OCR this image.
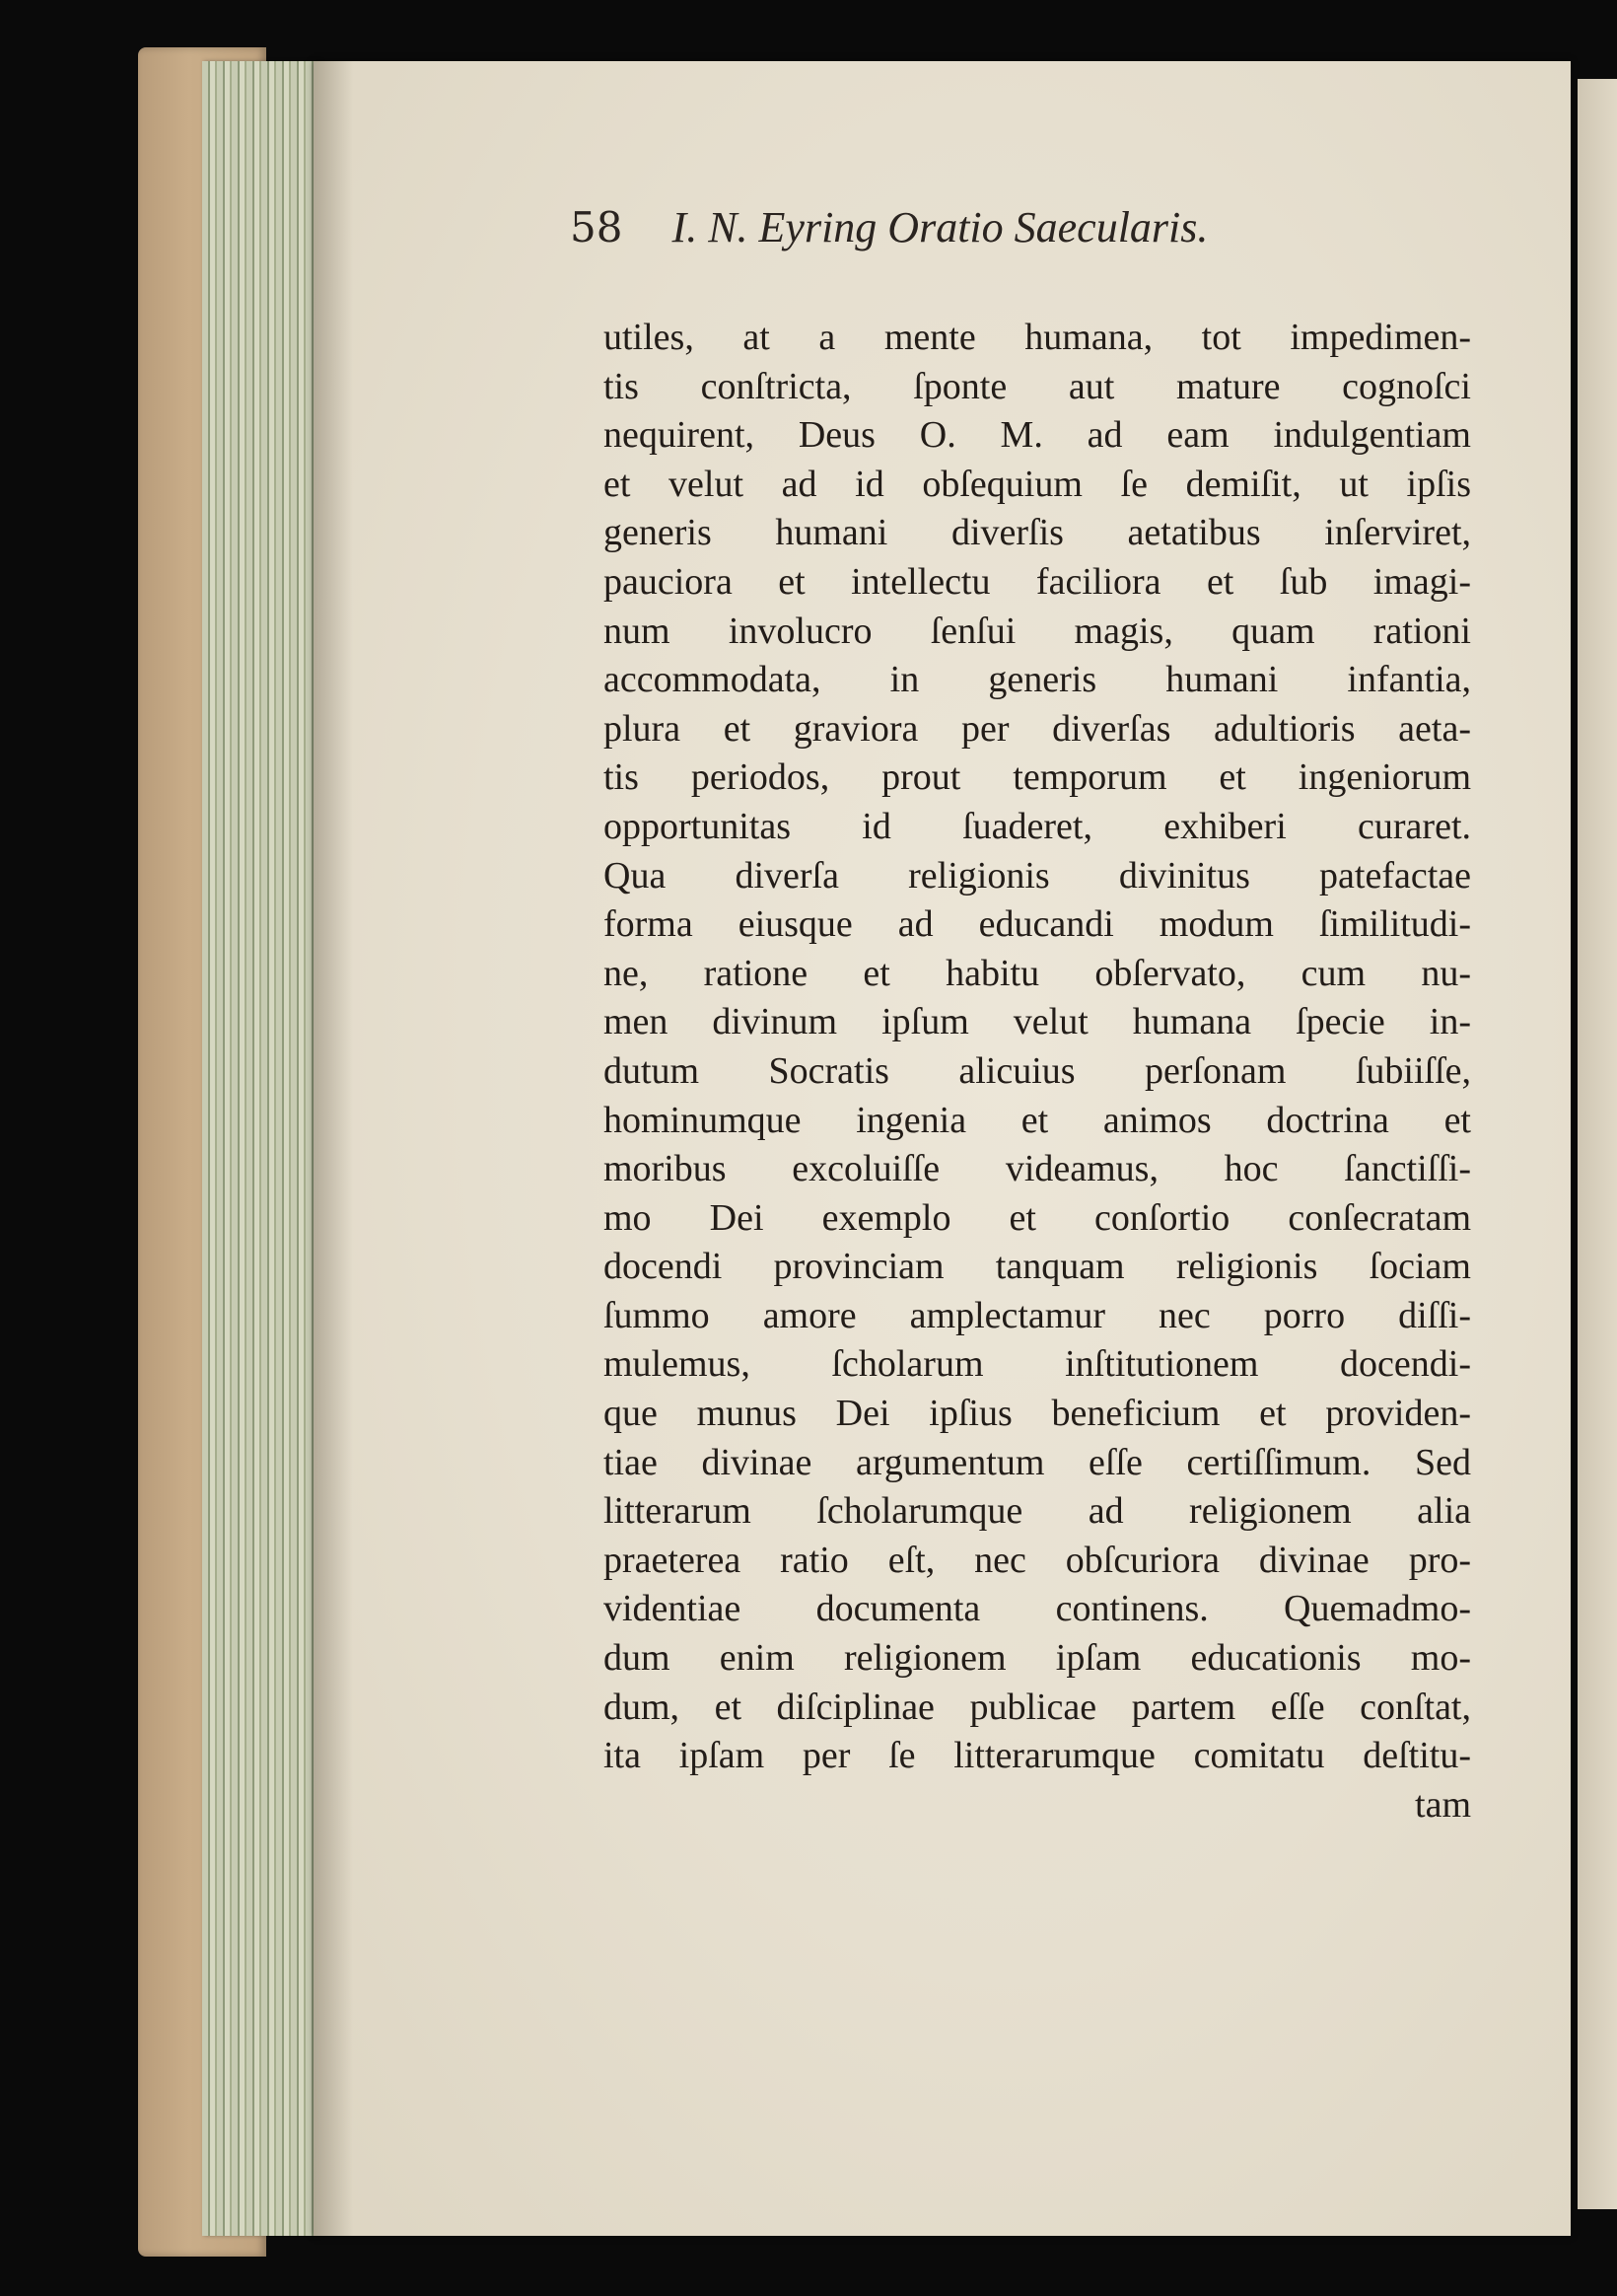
58 I. N. Eyring Oratio Saecularis.
utiles, at a mente humana, tot impedimen-
tis conſtricta, ſponte aut mature cognoſci
nequirent, Deus O. M. ad eam indulgentiam
et velut ad id obſequium ſe demiſit, ut ipſis
generis humani diverſis aetatibus inſerviret,
pauciora et intellectu faciliora et ſub imagi-
num involucro ſenſui magis, quam rationi
accommodata, in generis humani infantia,
plura et graviora per diverſas adultioris aeta-
tis periodos, prout temporum et ingeniorum
opportunitas id ſuaderet, exhiberi curaret.
Qua diverſa religionis divinitus patefactae
forma eiusque ad educandi modum ſimilitudi-
ne, ratione et habitu obſervato, cum nu-
men divinum ipſum velut humana ſpecie in-
dutum Socratis alicuius perſonam ſubiiſſe,
hominumque ingenia et animos doctrina et
moribus excoluiſſe videamus, hoc ſanctiſſi-
mo Dei exemplo et conſortio conſecratam
docendi provinciam tanquam religionis ſociam
ſummo amore amplectamur nec porro diſſi-
mulemus, ſcholarum inſtitutionem docendi-
que munus Dei ipſius beneficium et providen-
tiae divinae argumentum eſſe certiſſimum. Sed
litterarum ſcholarumque ad religionem alia
praeterea ratio eſt, nec obſcuriora divinae pro-
videntiae documenta continens. Quemadmo-
dum enim religionem ipſam educationis mo-
dum, et diſciplinae publicae partem eſſe conſtat,
ita ipſam per ſe litterarumque comitatu deſtitu-
tam
